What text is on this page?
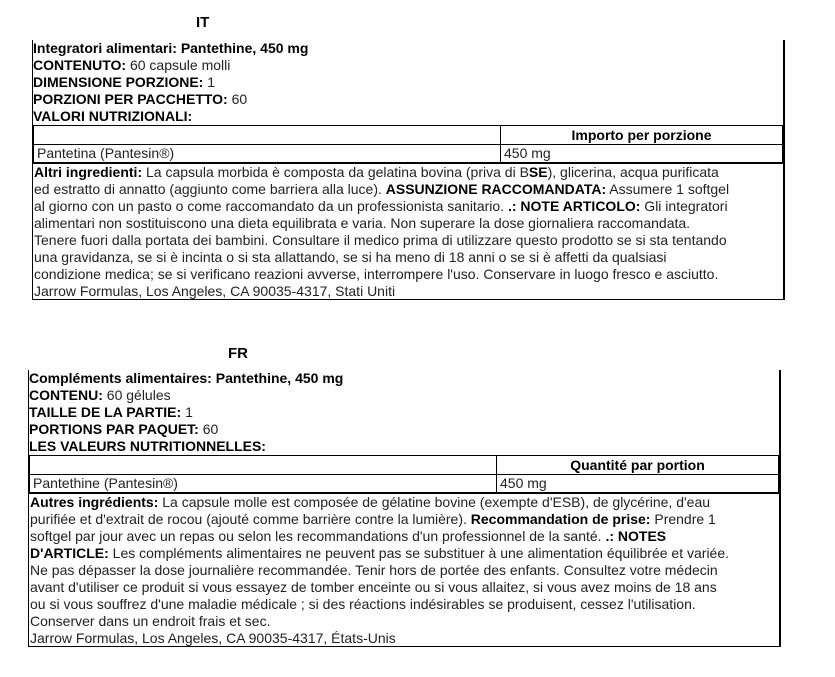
IT
Integratori alimentari: Pantethine, 450 mg
CONTENUTO: 60 capsule molli
DIMENSIONE PORZIONE: 1
PORZIONI PER PACCHETTO: 60
VALORI NUTRIZIONALI:
	Importo per porzione
Pantetina (Pantesin®)	450 mg
Altri ingredienti: La capsula morbida è composta da gelatina bovina (priva di BSE), glicerina, acqua purificata
ed estratto di annatto (aggiunto come barriera alla luce). ASSUNZIONE RACCOMANDATA: Assumere 1 softgel
al giorno con un pasto o come raccomandato da un professionista sanitario. .: NOTE ARTICOLO: Gli integratori
alimentari non sostituiscono una dieta equilibrata e varia. Non superare la dose giornaliera raccomandata.
Tenere fuori dalla portata dei bambini. Consultare il medico prima di utilizzare questo prodotto se si sta tentando
una gravidanza, se si è incinta o si sta allattando, se si ha meno di 18 anni o se si è affetti da qualsiasi
condizione medica; se si verificano reazioni avverse, interrompere l'uso. Conservare in luogo fresco e asciutto.
Jarrow Formulas, Los Angeles, CA 90035-4317, Stati Uniti
FR
Compléments alimentaires: Pantethine, 450 mg
CONTENU: 60 gélules
TAILLE DE LA PARTIE: 1
PORTIONS PAR PAQUET: 60
LES VALEURS NUTRITIONNELLES:
	Quantité par portion
Pantethine (Pantesin®)	450 mg
Autres ingrédients: La capsule molle est composée de gélatine bovine (exempte d'ESB), de glycérine, d'eau
purifiée et d'extrait de rocou (ajouté comme barrière contre la lumière). Recommandation de prise: Prendre 1
softgel par jour avec un repas ou selon les recommandations d'un professionnel de la santé. .: NOTES
D'ARTICLE: Les compléments alimentaires ne peuvent pas se substituer à une alimentation équilibrée et variée.
Ne pas dépasser la dose journalière recommandée. Tenir hors de portée des enfants. Consultez votre médecin
avant d'utiliser ce produit si vous essayez de tomber enceinte ou si vous allaitez, si vous avez moins de 18 ans
ou si vous souffrez d'une maladie médicale ; si des réactions indésirables se produisent, cessez l'utilisation.
Conserver dans un endroit frais et sec.
Jarrow Formulas, Los Angeles, CA 90035-4317, États-Unis
